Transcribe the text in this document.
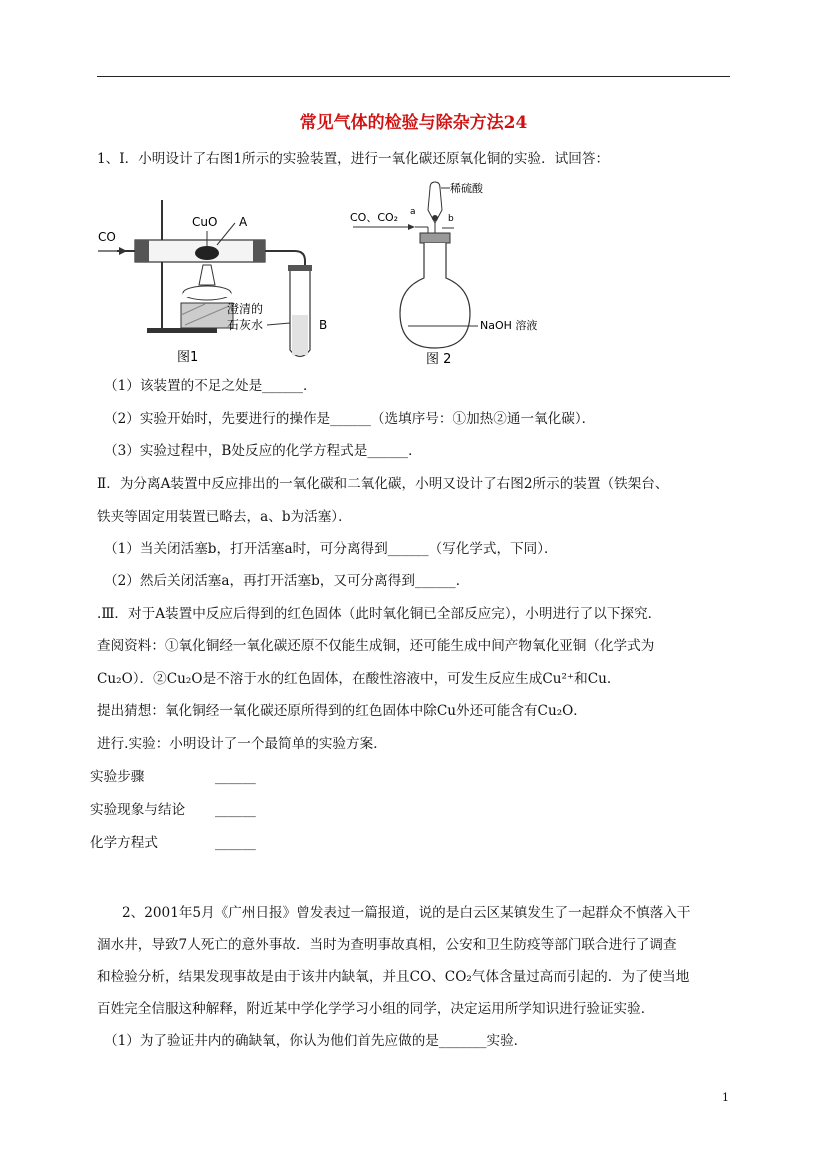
常见气体的检验与除杂方法24
1、Ⅰ．小明设计了右图1所示的实验装置，进行一氧化碳还原氧化铜的实验．试回答：
CO
CuO A
澄清的
石灰水	B
图1
CO、CO₂
稀硫酸
a
b
NaOH 溶液
图 2
（1）该装置的不足之处是______．
（2）实验开始时，先要进行的操作是______（选填序号：①加热②通一氧化碳）．
（3）实验过程中，B处反应的化学方程式是______．
Ⅱ．为分离A装置中反应排出的一氧化碳和二氧化碳，小明又设计了右图2所示的装置（铁架台、
铁夹等固定用装置已略去，a、b为活塞）．
（1）当关闭活塞b，打开活塞a时，可分离得到______（写化学式，下同）．
（2）然后关闭活塞a，再打开活塞b，又可分离得到______．
.Ⅲ．对于A装置中反应后得到的红色固体（此时氧化铜已全部反应完），小明进行了以下探究．
查阅资料：①氧化铜经一氧化碳还原不仅能生成铜，还可能生成中间产物氧化亚铜（化学式为
Cu₂O）．②Cu₂O是不溶于水的红色固体，在酸性溶液中，可发生反应生成Cu²⁺和Cu.
提出猜想：氧化铜经一氧化碳还原所得到的红色固体中除Cu外还可能含有Cu₂O．
进行.实验：小明设计了一个最简单的实验方案．
实验步骤	______
实验现象与结论 ______
化学方程式	______
2、2001年5月《广州日报》曾发表过一篇报道，说的是白云区某镇发生了一起群众不慎落入干
涸水井，导致7人死亡的意外事故．当时为查明事故真相，公安和卫生防疫等部门联合进行了调查
和检验分析，结果发现事故是由于该井内缺氧，并且CO、CO₂气体含量过高而引起的．为了使当地
百姓完全信服这种解释，附近某中学化学学习小组的同学，决定运用所学知识进行验证实验．
（1）为了验证井内的确缺氧，你认为他们首先应做的是_______实验．
1
